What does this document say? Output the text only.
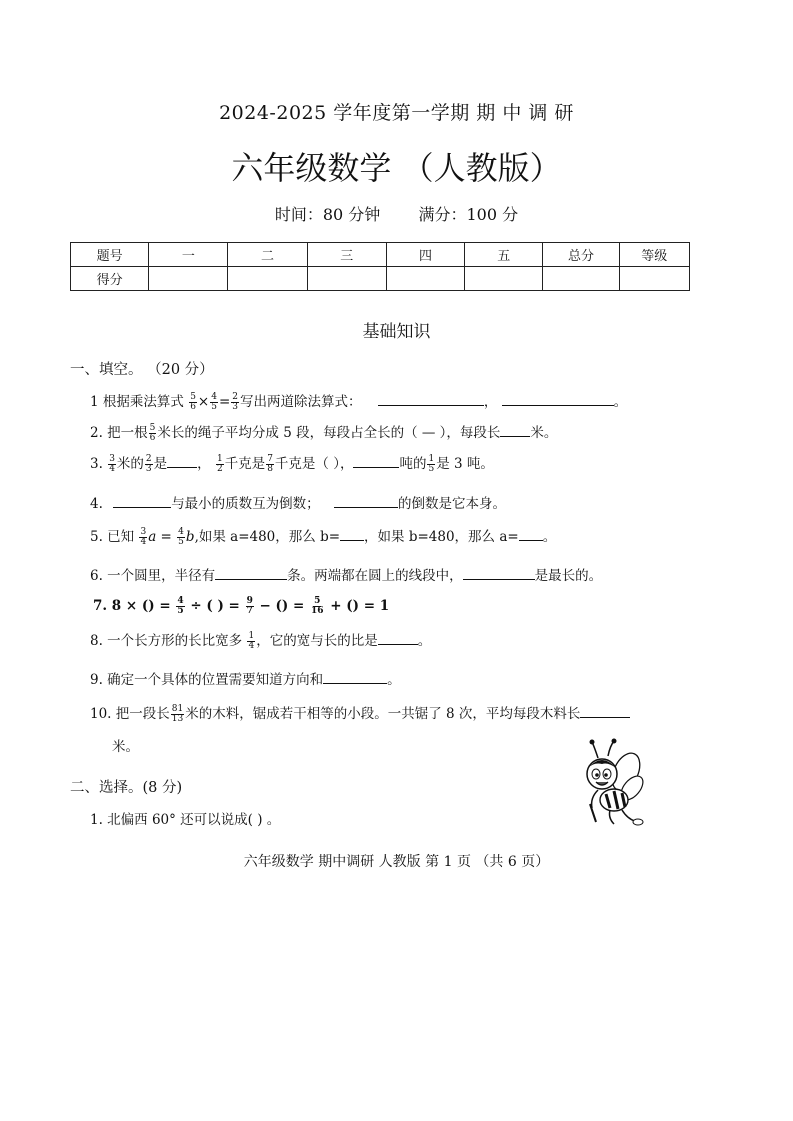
2024-2025 学年度第一学期 期 中 调 研
六年级数学 （人教版）
时间：80 分钟 满分：100 分
题号	一	二	三	四	五	总分	等级
得分							
基础知识
一、填空。 （20 分）
1 根据乘法算式 $\frac{5}{6} \times \frac{4}{5} = \frac{2}{3}$ 写出两道除法算式：	，	。
2. 把一根 $\frac{5}{6}$ 米长的绳子平均分成 5 段，每段占全长的（ — ），每段长 米。
3. $\frac{3}{4}$ 米的 $\frac{2}{3}$ 是 ， $\frac{1}{2}$ 千克是 $\frac{7}{8}$ 千克是（ ），	吨的 $\frac{1}{5}$ 是 3 吨。
4.	与最小的质数互为倒数；	的倒数是它本身。
5. 已知 $\frac{3}{4}$ $a = \frac{4}{5} b$,如果 a=480，那么 b= ，如果 b=480，那么 a= 。
6. 一个圆里，半径有	条。两端都在圆上的线段中，	是最长的。
7. 8 × () = $\frac{4}{5}$ ÷ ( ) = $\frac{9}{7}$ − () = $\frac{5}{16}$ + () = 1
8. 一个长方形的长比宽多 $\frac{1}{4}$ ，它的宽与长的比是	。
9. 确定一个具体的位置需要知道方向和	。
10. 把一段长 $\frac{81}{13}$ 米的木料，锯成若干相等的小段。一共锯了 8 次，平均每段木料长
米。
二、选择。(8 分)
1. 北偏西 60° 还可以说成( ) 。
六年级数学 期中调研 人教版 第 1 页 （共 6 页）
